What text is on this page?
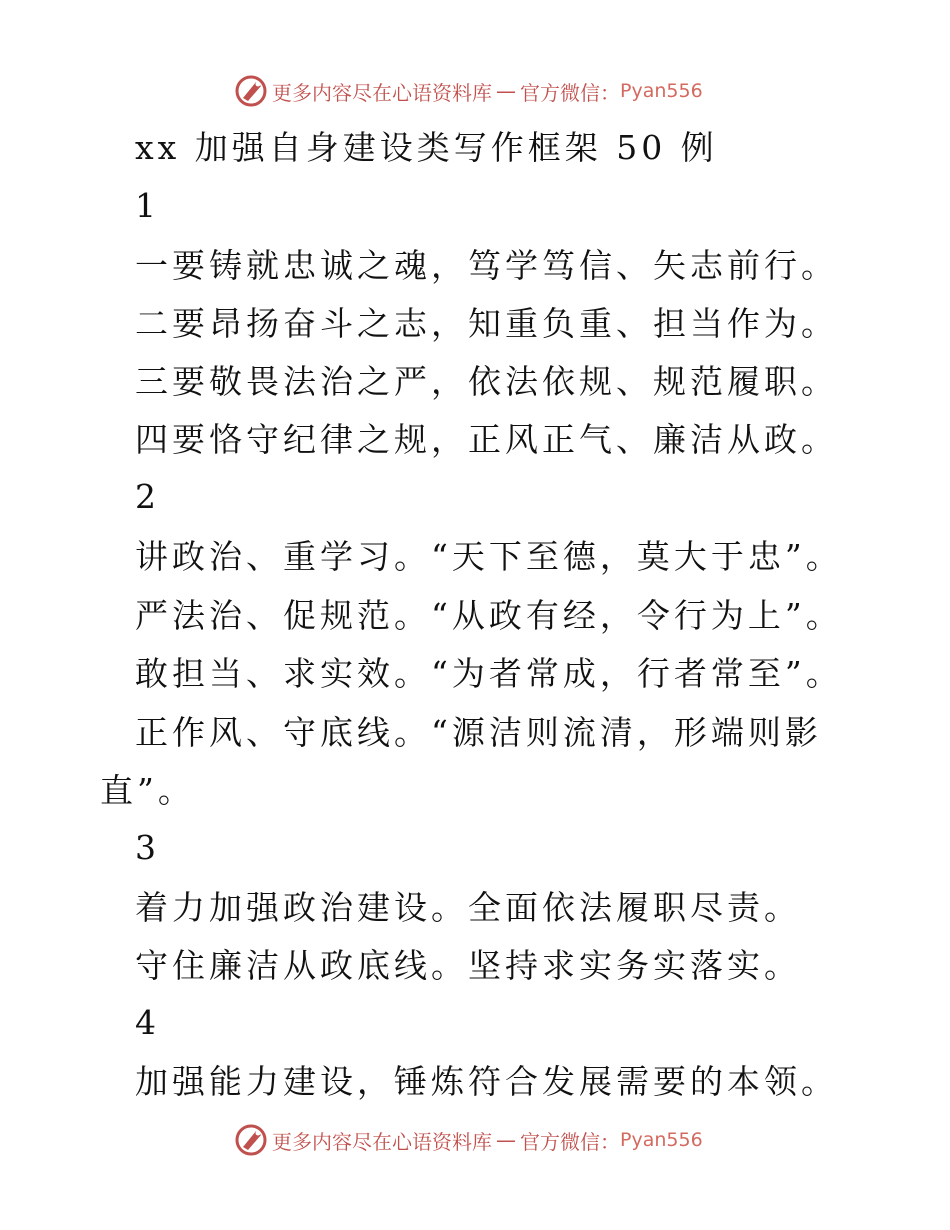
更多内容尽在心语资料库 — 官方微信： Pyan556
xx 加强自身建设类写作框架 50 例
1
一要铸就忠诚之魂，笃学笃信、矢志前行。
二要昂扬奋斗之志，知重负重、担当作为。
三要敬畏法治之严，依法依规、规范履职。
四要恪守纪律之规，正风正气、廉洁从政。
2
讲政治、重学习。“天下至德，莫大于忠”。
严法治、促规范。“从政有经，令行为上”。
敢担当、求实效。“为者常成，行者常至”。
正作风、守底线。“源洁则流清，形端则影
直”。
3
着力加强政治建设。全面依法履职尽责。
守住廉洁从政底线。坚持求实务实落实。
4
加强能力建设，锤炼符合发展需要的本领。
更多内容尽在心语资料库 — 官方微信： Pyan556
